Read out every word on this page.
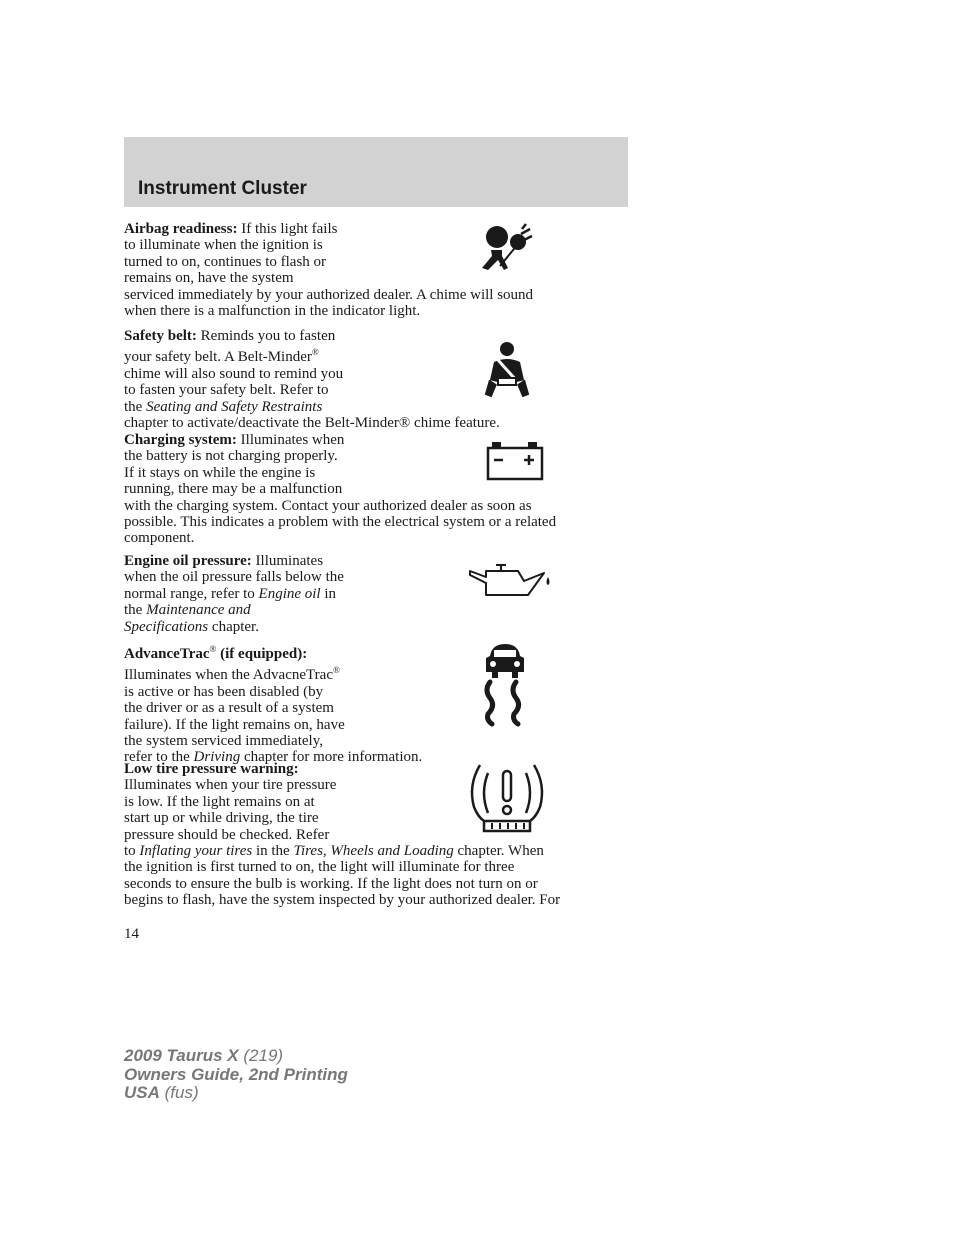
Instrument Cluster
Airbag readiness: If this light fails
to illuminate when the ignition is
turned to on, continues to flash or
remains on, have the system
serviced immediately by your authorized dealer. A chime will sound
when there is a malfunction in the indicator light.
Safety belt: Reminds you to fasten
your safety belt. A Belt-Minder®
chime will also sound to remind you
to fasten your safety belt. Refer to
the Seating and Safety Restraints
chapter to activate/deactivate the Belt-Minder® chime feature.
Charging system: Illuminates when
the battery is not charging properly.
If it stays on while the engine is
running, there may be a malfunction
with the charging system. Contact your authorized dealer as soon as
possible. This indicates a problem with the electrical system or a related
component.
Engine oil pressure: Illuminates
when the oil pressure falls below the
normal range, refer to Engine oil in
the Maintenance and
Specifications chapter.
AdvanceTrac® (if equipped):
Illuminates when the AdvacneTrac®
is active or has been disabled (by
the driver or as a result of a system
failure). If the light remains on, have
the system serviced immediately,
refer to the Driving chapter for more information.
Low tire pressure warning:
Illuminates when your tire pressure
is low. If the light remains on at
start up or while driving, the tire
pressure should be checked. Refer
to Inflating your tires in the Tires, Wheels and Loading chapter. When
the ignition is first turned to on, the light will illuminate for three
seconds to ensure the bulb is working. If the light does not turn on or
begins to flash, have the system inspected by your authorized dealer. For
14
2009 Taurus X (219)
Owners Guide, 2nd Printing
USA (fus)
